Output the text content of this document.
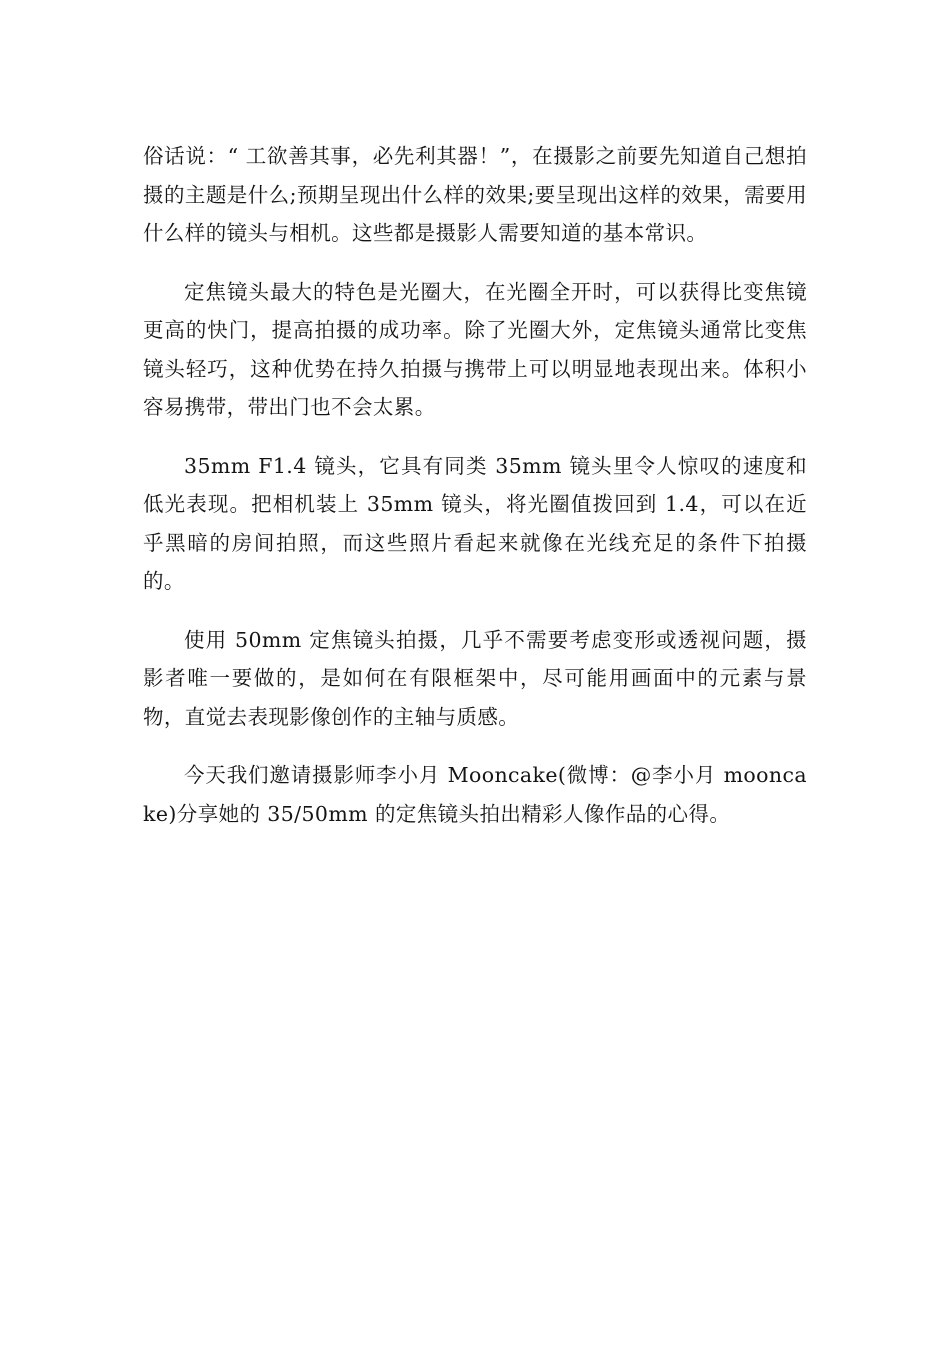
俗话说：“ 工欲善其事，必先利其器！”，在摄影之前要先知道自己想拍摄的主题是什么;预期呈现出什么样的效果;要呈现出这样的效果，需要用什么样的镜头与相机。这些都是摄影人需要知道的基本常识。

定焦镜头最大的特色是光圈大，在光圈全开时，可以获得比变焦镜更高的快门，提高拍摄的成功率。除了光圈大外，定焦镜头通常比变焦镜头轻巧，这种优势在持久拍摄与携带上可以明显地表现出来。体积小容易携带，带出门也不会太累。

35mm F1.4 镜头，它具有同类 35mm 镜头里令人惊叹的速度和低光表现。把相机装上 35mm 镜头，将光圈值拨回到 1.4，可以在近乎黑暗的房间拍照，而这些照片看起来就像在光线充足的条件下拍摄的。

使用 50mm 定焦镜头拍摄，几乎不需要考虑变形或透视问题，摄影者唯一要做的，是如何在有限框架中，尽可能用画面中的元素与景物，直觉去表现影像创作的主轴与质感。

今天我们邀请摄影师李小月 Mooncake(微博：@李小月 mooncake)分享她的 35/50mm 的定焦镜头拍出精彩人像作品的心得。
